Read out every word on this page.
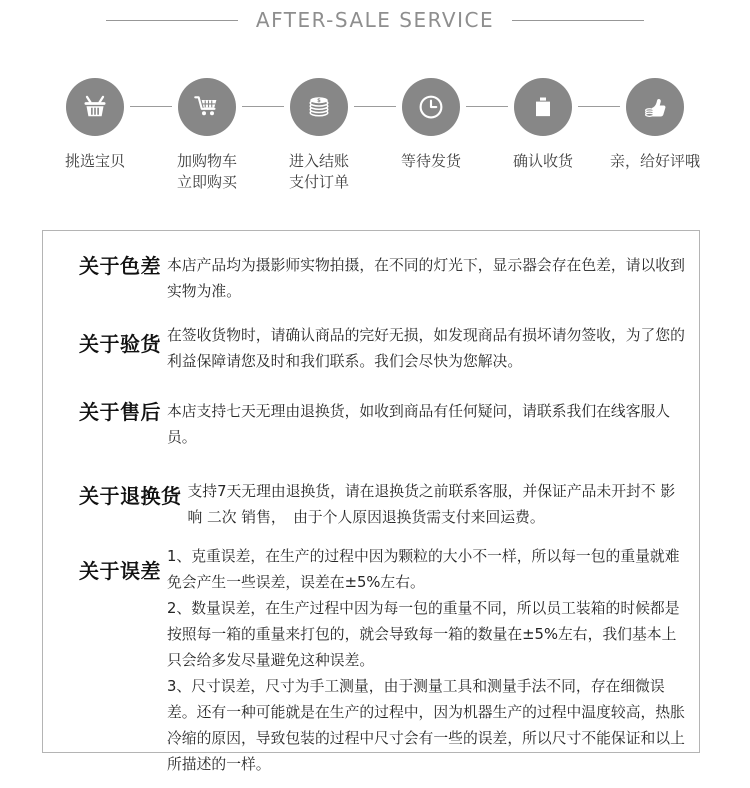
AFTER-SALE SERVICE
挑选宝贝	加购物车
立即购买
$
进入结账
支付订单
等待发货	确认收货 亲，给好评哦
关于色差 本店产品均为摄影师实物拍摄，在不同的灯光下，显示器会存在色差，请以收到实物为准。
关于验货 在签收货物时，请确认商品的完好无损，如发现商品有损坏请勿签收，为了您的利益保障请您及时和我们联系。我们会尽快为您解决。
关于售后 本店支持七天无理由退换货，如收到商品有任何疑问，请联系我们在线客服人员。
关于退换货 支持7天无理由退换货，请在退换货之前联系客服，并保证产品未开封不 影 响 二次 销售，　由于个人原因退换货需支付来回运费。
关于误差
1、克重误差，在生产的过程中因为颗粒的大小不一样，所以每一包的重量就难免会产生一些误差，误差在±5%左右。
2、数量误差，在生产过程中因为每一包的重量不同，所以员工装箱的时候都是按照每一箱的重量来打包的，就会导致每一箱的数量在±5%左右，我们基本上只会给多发尽量避免这种误差。
3、尺寸误差，尺寸为手工测量，由于测量工具和测量手法不同，存在细微误差。还有一种可能就是在生产的过程中，因为机器生产的过程中温度较高，热胀冷缩的原因，导致包装的过程中尺寸会有一些的误差，所以尺寸不能保证和以上所描述的一样。
